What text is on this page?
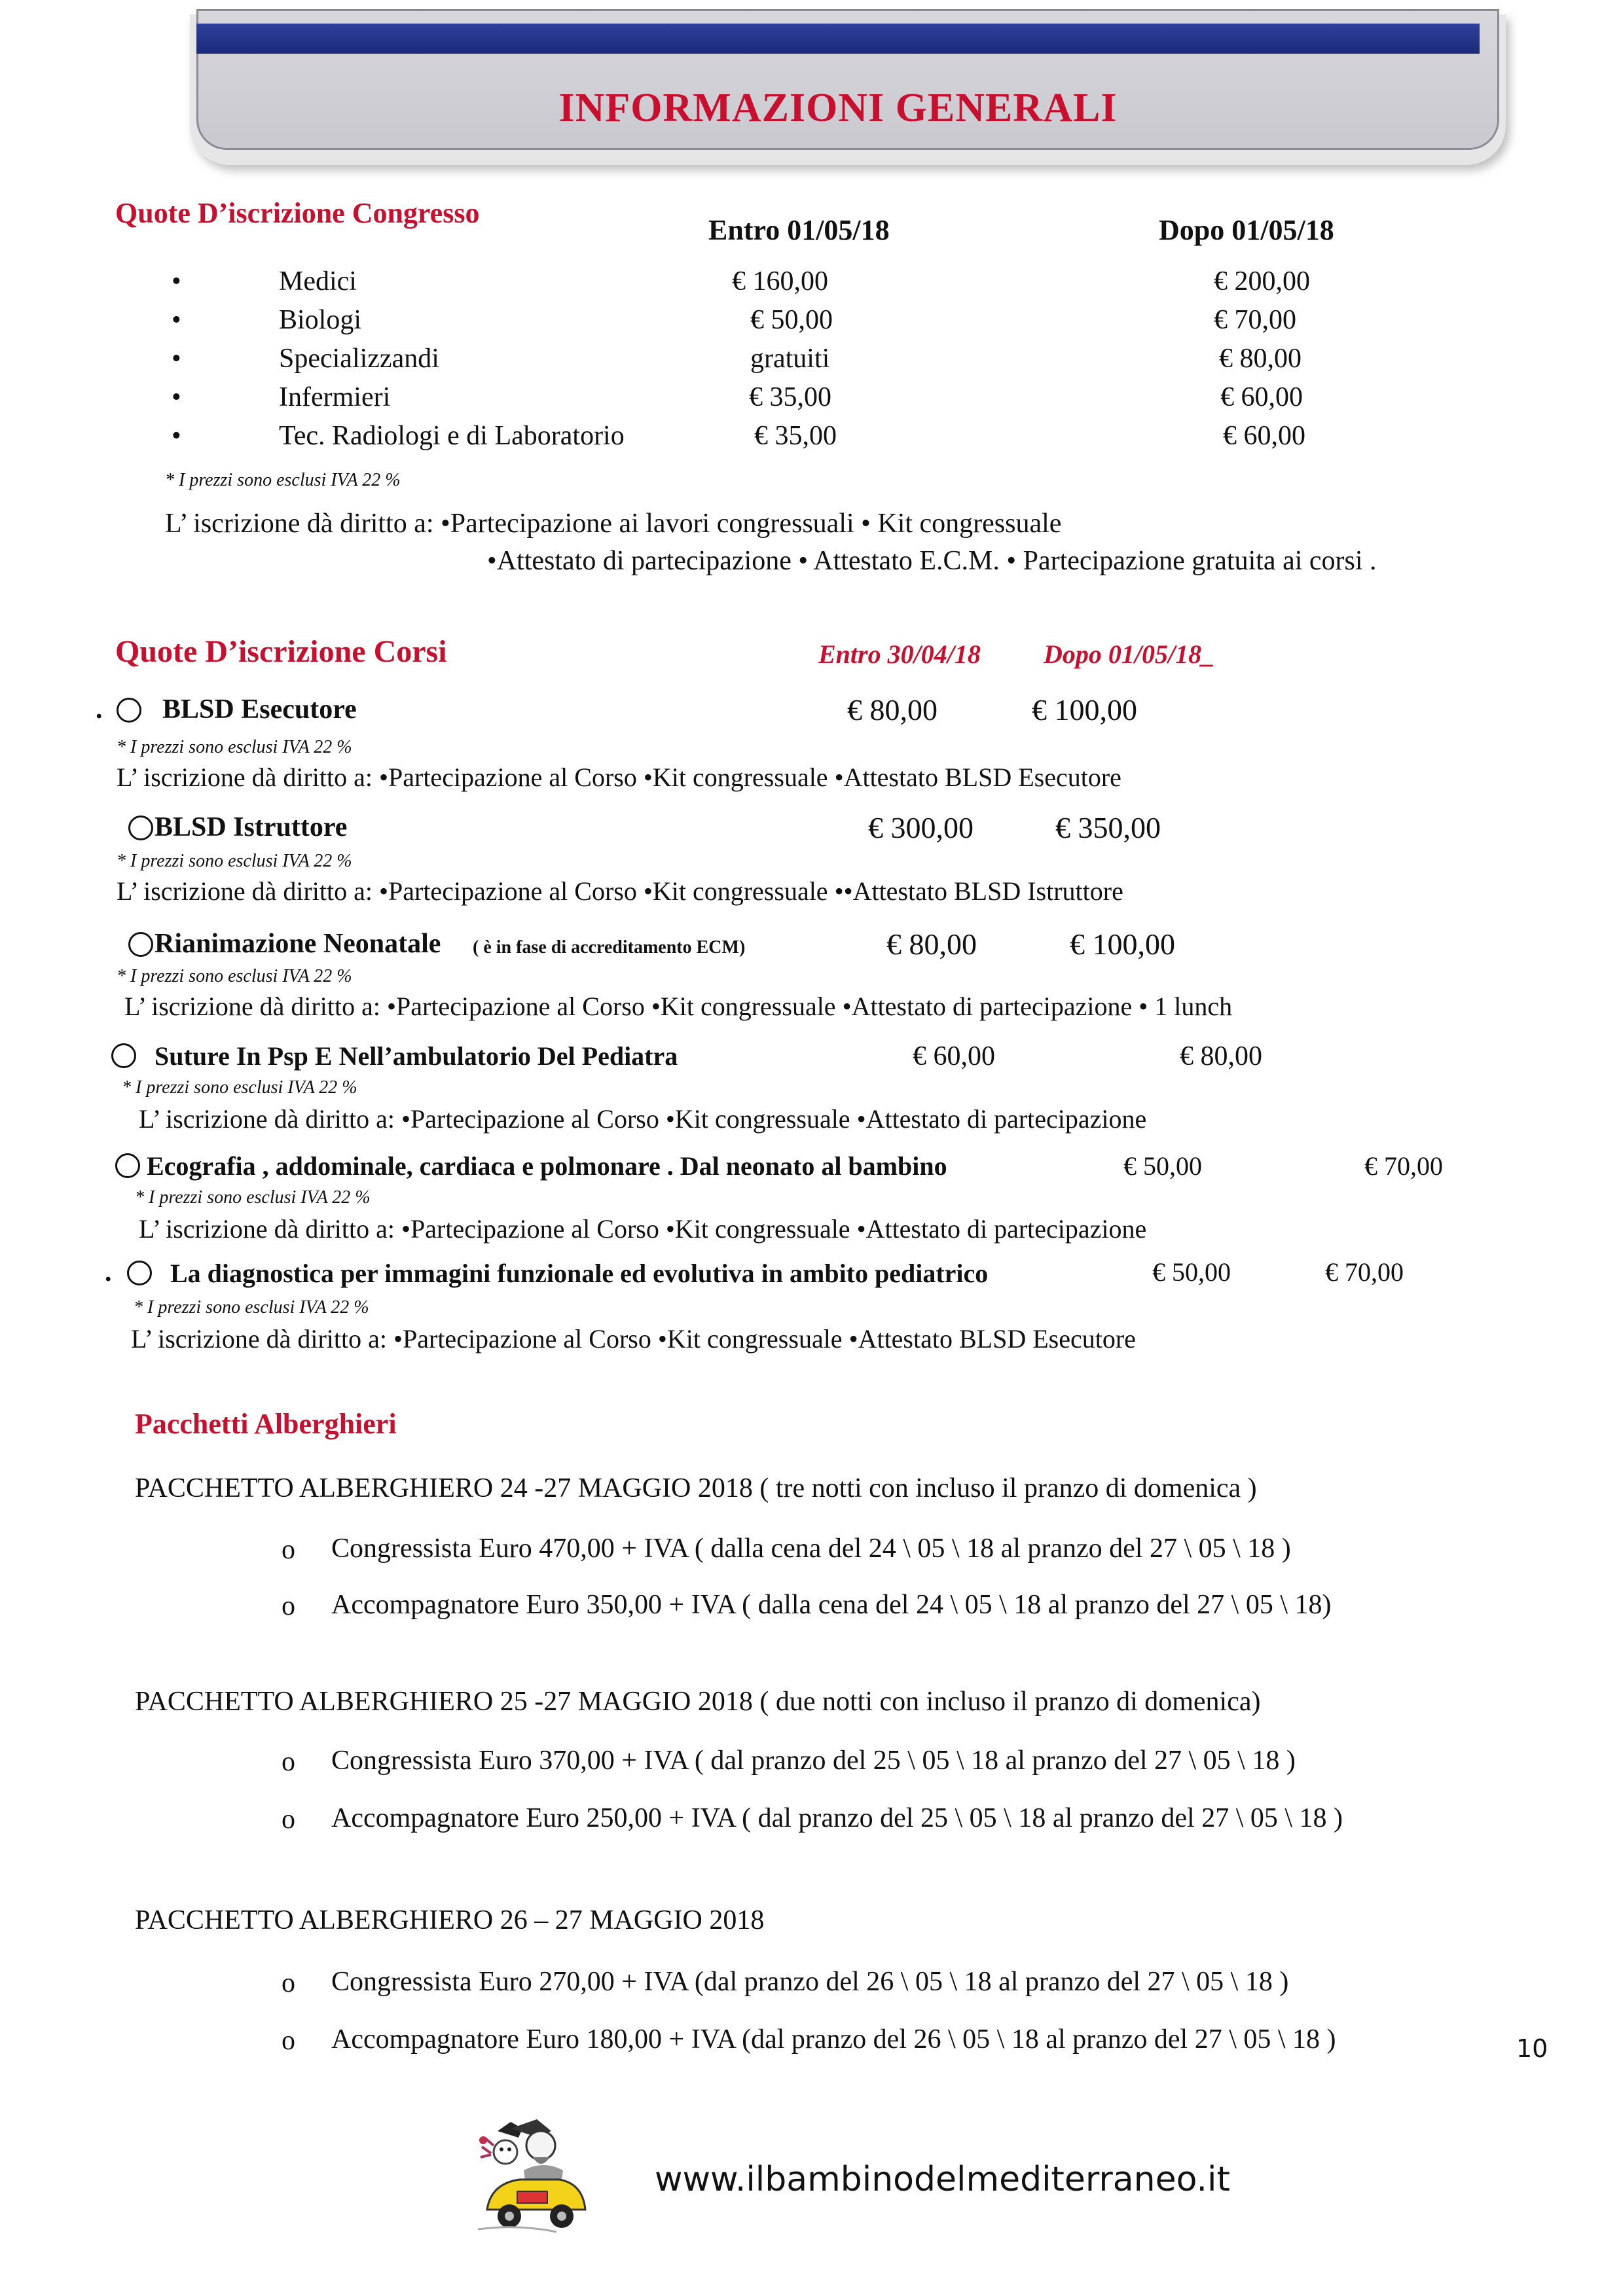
INFORMAZIONI GENERALI
Quote D’iscrizione Congresso
Entro 01/05/18	Dopo 01/05/18
•	Medici	€ 160,00	€ 200,00
•	Biologi	€ 50,00	€ 70,00
•	Specializzandi	gratuiti	€ 80,00
•	Infermieri	€ 35,00	€ 60,00
•	Tec. Radiologi e di Laboratorio	€ 35,00	€ 60,00
* I prezzi sono esclusi IVA 22 %
L’ iscrizione dà diritto a: •Partecipazione ai lavori congressuali • Kit congressuale
•Attestato di partecipazione • Attestato E.C.M. • Partecipazione gratuita ai corsi .
Quote D’iscrizione Corsi	Entro 30/04/18 Dopo 01/05/18_
. BLSD Esecutore	€ 80,00	€ 100,00
* I prezzi sono esclusi IVA 22 %
L’ iscrizione dà diritto a: •Partecipazione al Corso •Kit congressuale •Attestato BLSD Esecutore
BLSD Istruttore	€ 300,00	€ 350,00
* I prezzi sono esclusi IVA 22 %
L’ iscrizione dà diritto a: •Partecipazione al Corso •Kit congressuale ••Attestato BLSD Istruttore
Rianimazione Neonatale ( è in fase di accreditamento ECM)	€ 80,00	€ 100,00
* I prezzi sono esclusi IVA 22 %
L’ iscrizione dà diritto a: •Partecipazione al Corso •Kit congressuale •Attestato di partecipazione • 1 lunch
Suture In Psp E Nell’ambulatorio Del Pediatra	€ 60,00	€ 80,00
* I prezzi sono esclusi IVA 22 %
L’ iscrizione dà diritto a: •Partecipazione al Corso •Kit congressuale •Attestato di partecipazione
Ecografia , addominale, cardiaca e polmonare . Dal neonato al bambino	€ 50,00	€ 70,00
* I prezzi sono esclusi IVA 22 %
L’ iscrizione dà diritto a: •Partecipazione al Corso •Kit congressuale •Attestato di partecipazione
. La diagnostica per immagini funzionale ed evolutiva in ambito pediatrico	€ 50,00	€ 70,00
* I prezzi sono esclusi IVA 22 %
L’ iscrizione dà diritto a: •Partecipazione al Corso •Kit congressuale •Attestato BLSD Esecutore
Pacchetti Alberghieri
PACCHETTO ALBERGHIERO 24 -27 MAGGIO 2018 ( tre notti con incluso il pranzo di domenica )
o Congressista Euro 470,00 + IVA ( dalla cena del 24 \ 05 \ 18 al pranzo del 27 \ 05 \ 18 )
o Accompagnatore Euro 350,00 + IVA ( dalla cena del 24 \ 05 \ 18 al pranzo del 27 \ 05 \ 18)
PACCHETTO ALBERGHIERO 25 -27 MAGGIO 2018 ( due notti con incluso il pranzo di domenica)
o Congressista Euro 370,00 + IVA ( dal pranzo del 25 \ 05 \ 18 al pranzo del 27 \ 05 \ 18 )
o Accompagnatore Euro 250,00 + IVA ( dal pranzo del 25 \ 05 \ 18 al pranzo del 27 \ 05 \ 18 )
PACCHETTO ALBERGHIERO 26 – 27 MAGGIO 2018
o Congressista Euro 270,00 + IVA (dal pranzo del 26 \ 05 \ 18 al pranzo del 27 \ 05 \ 18 )
o Accompagnatore Euro 180,00 + IVA (dal pranzo del 26 \ 05 \ 18 al pranzo del 27 \ 05 \ 18 )	10
www.ilbambinodelmediterraneo.it
